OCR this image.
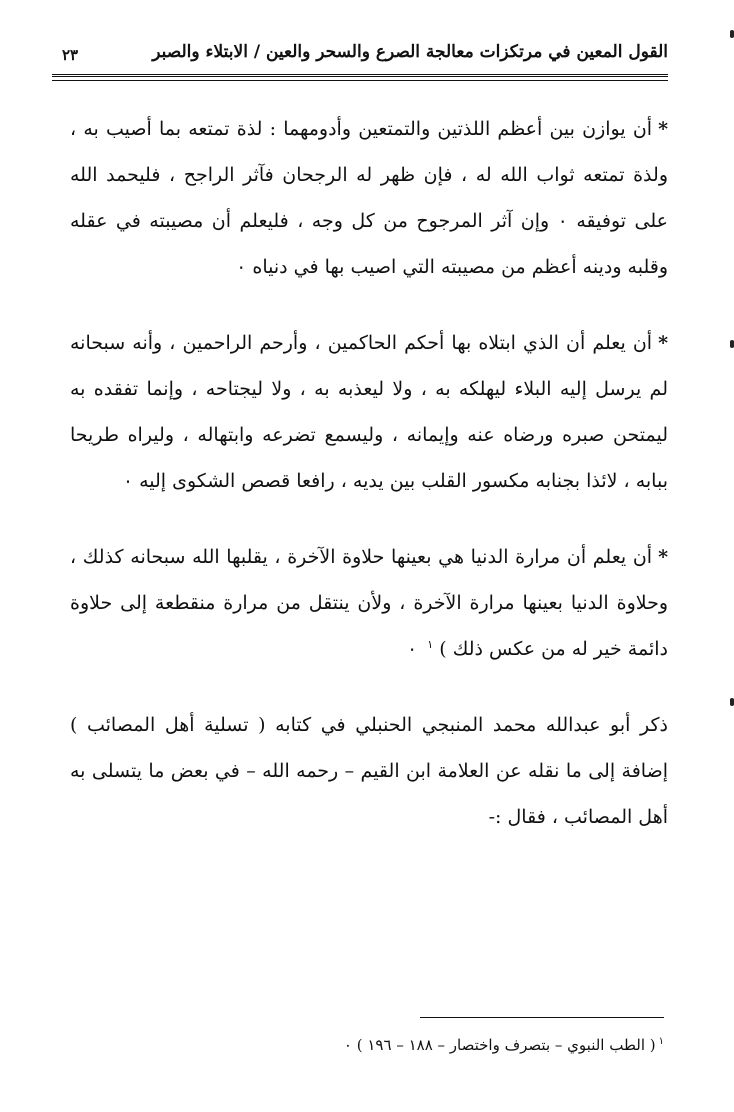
القول المعين في مرتكزات معالجة الصرع والسحر والعين / الابتلاء والصبر
٢٣

*أن يوازن بين أعظم اللذتين والتمتعين وأدومهما : لذة تمتعه بما أصيب به ، ولذة تمتعه ثواب الله له ، فإن ظهر له الرجحان فآثر الراجح ، فليحمد الله على توفيقه ٠ وإن آثر المرجوح من كل وجه ، فليعلم أن مصيبته في عقله وقلبه ودينه أعظم من مصيبته التي اصيب بها في دنياه ٠

*أن يعلم أن الذي ابتلاه بها أحكم الحاكمين ، وأرحم الراحمين ، وأنه سبحانه لم يرسل إليه البلاء ليهلكه به ، ولا ليعذبه به ، ولا ليجتاحه ، وإنما تفقده به ليمتحن صبره ورضاه عنه وإيمانه ، وليسمع تضرعه وابتهاله ، وليراه طريحا ببابه ، لائذا بجنابه مكسور القلب بين يديه ، رافعا قصص الشكوى إليه ٠

*أن يعلم أن مرارة الدنيا هي بعينها حلاوة الآخرة ، يقلبها الله سبحانه كذلك ، وحلاوة الدنيا بعينها مرارة الآخرة ، ولأن ينتقل من مرارة منقطعة إلى حلاوة دائمة خير له من عكس ذلك ) $^١$ ٠

ذكر أبو عبدالله محمد المنبجي الحنبلي في كتابه ( تسلية أهل المصائب ) إضافة إلى ما نقله عن العلامة ابن القيم – رحمه الله – في بعض ما يتسلى به أهل المصائب ، فقال :-

$^١$( الطب النبوي – بتصرف واختصار – ١٨٨ – ١٩٦ ) ٠
